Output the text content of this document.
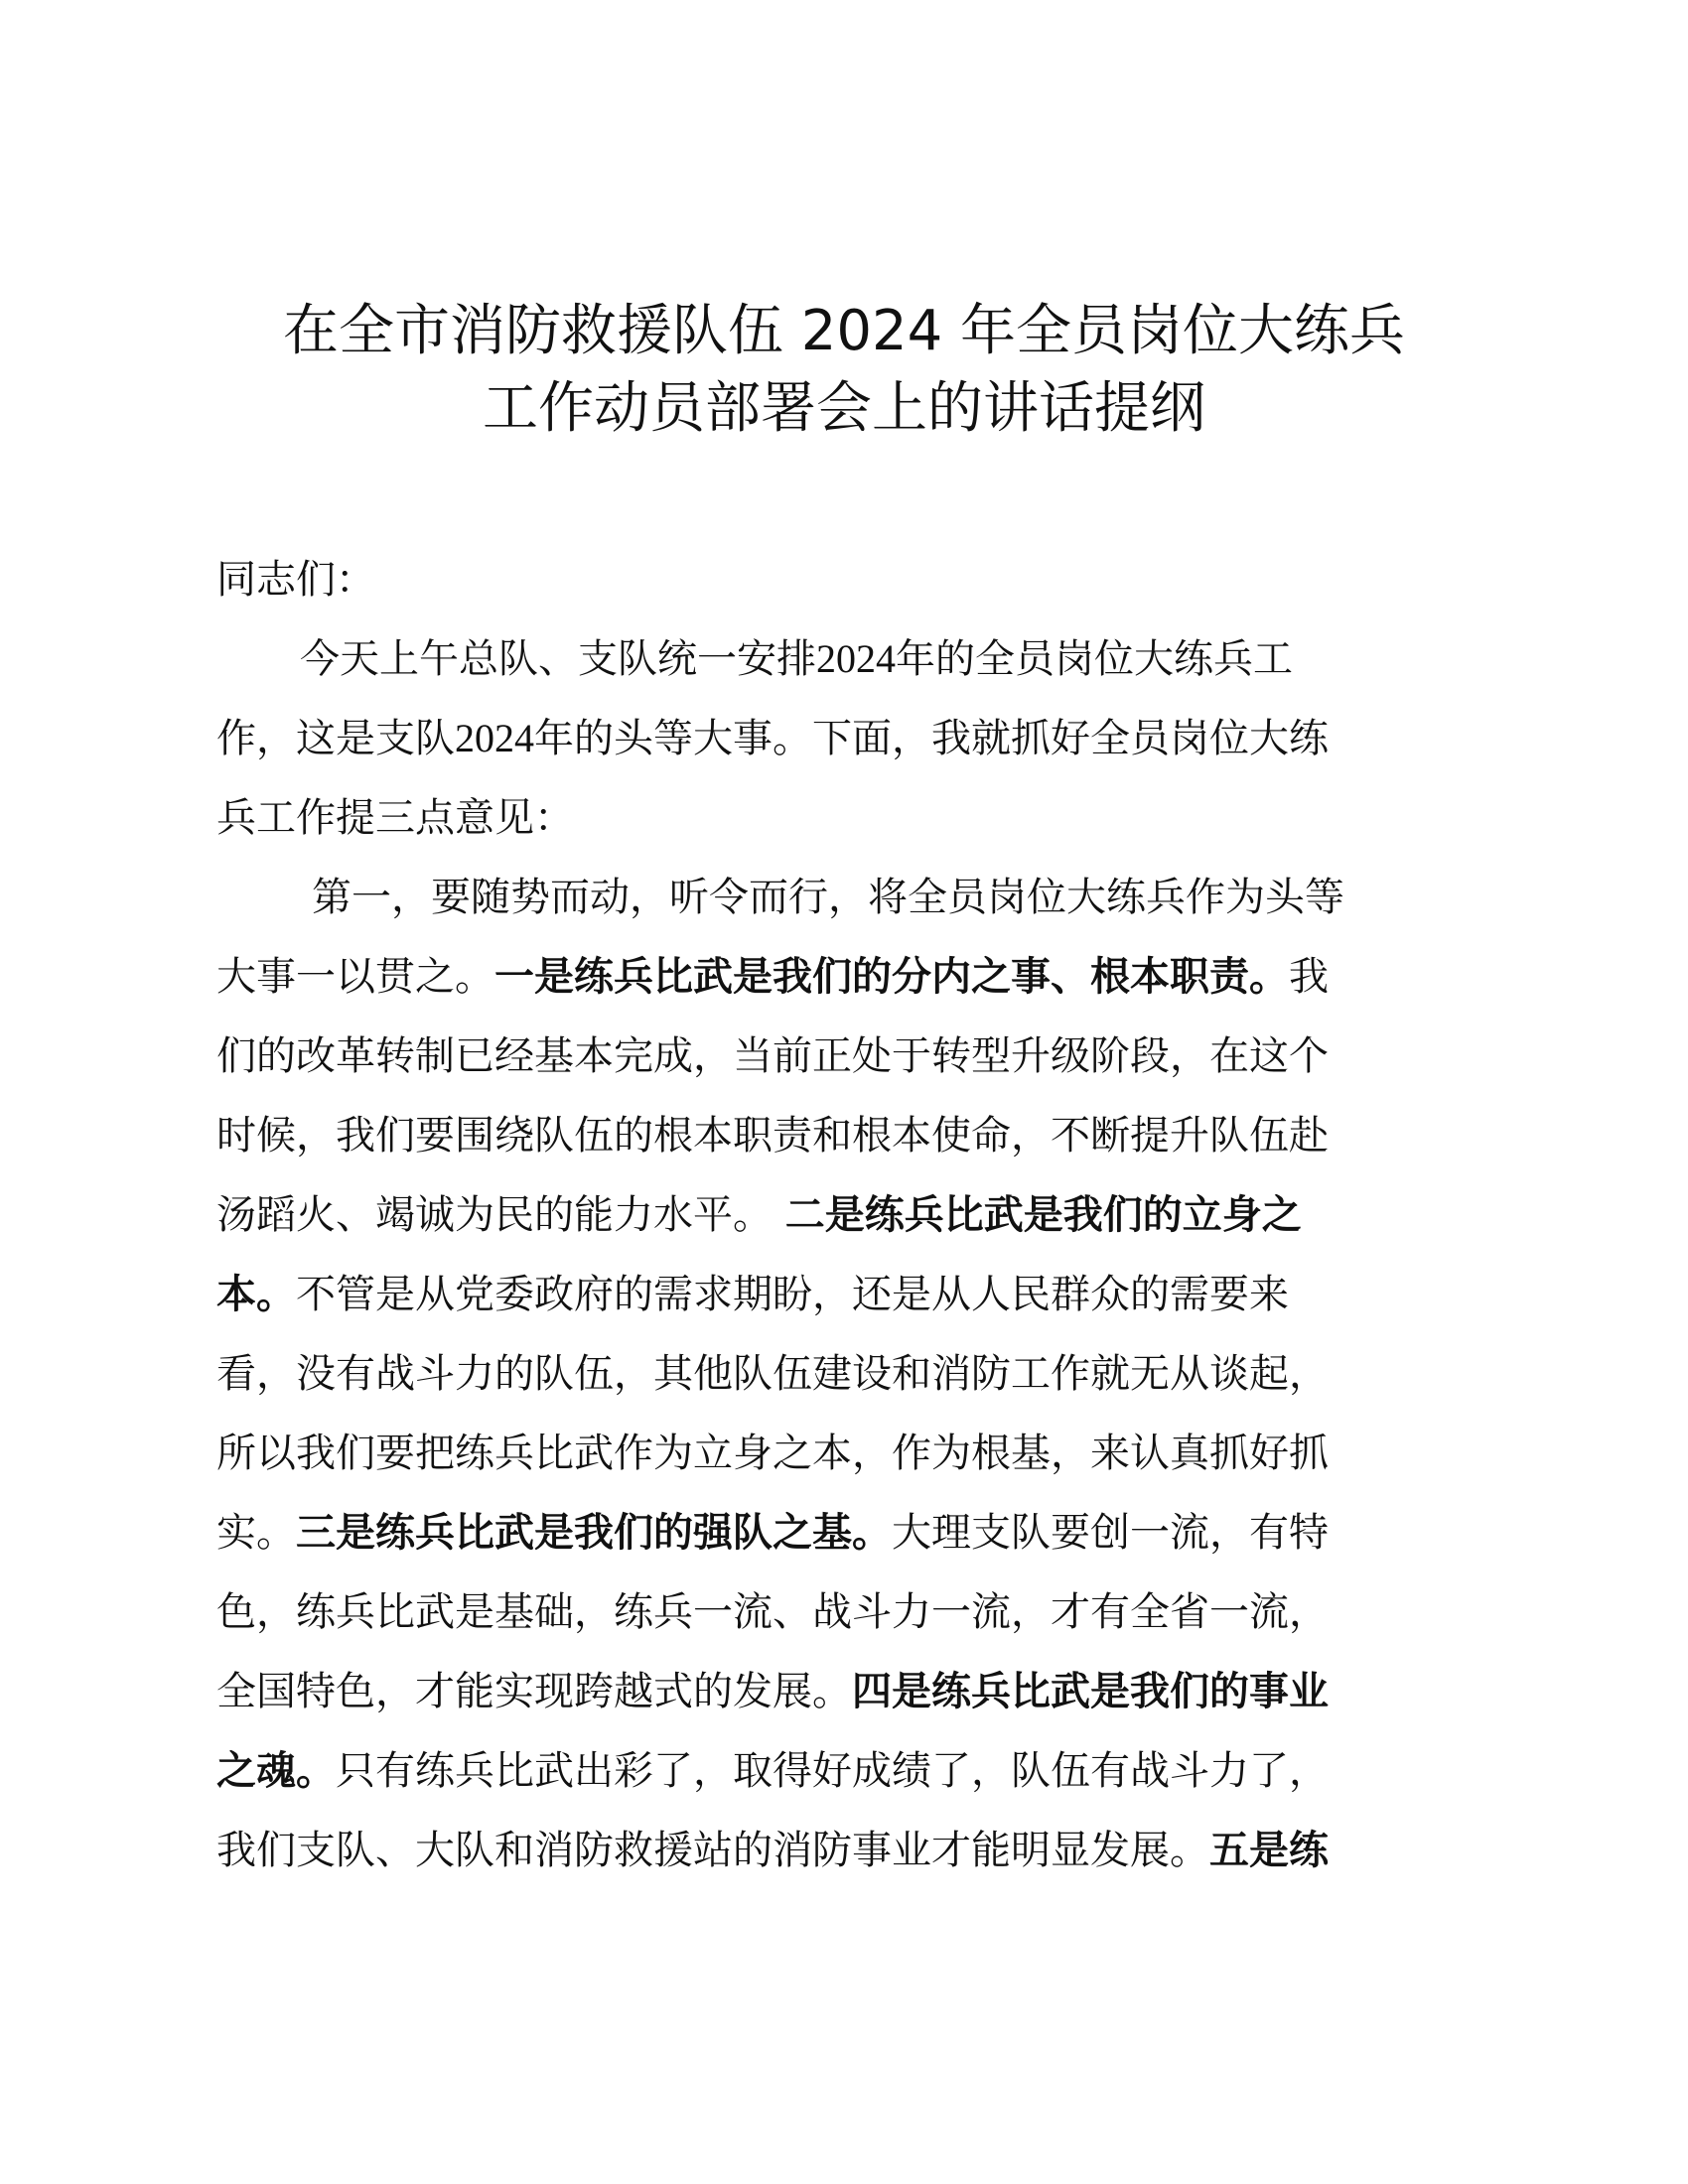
在全市消防救援队伍 2024 年全员岗位大练兵
工作动员部署会上的讲话提纲

同志们：

今天上午总队、支队统一安排2024年的全员岗位大练兵工
作，这是支队2024年的头等大事。下面，我就抓好全员岗位大练
兵工作提三点意见：

第一，要随势而动，听令而行，将全员岗位大练兵作为头等
大事一以贯之。一是练兵比武是我们的分内之事、根本职责。我
们的改革转制已经基本完成，当前正处于转型升级阶段，在这个
时候，我们要围绕队伍的根本职责和根本使命，不断提升队伍赴
汤蹈火、竭诚为民的能力水平。 二是练兵比武是我们的立身之
本。不管是从党委政府的需求期盼，还是从人民群众的需要来
看，没有战斗力的队伍，其他队伍建设和消防工作就无从谈起，
所以我们要把练兵比武作为立身之本，作为根基，来认真抓好抓
实。三是练兵比武是我们的强队之基。大理支队要创一流，有特
色，练兵比武是基础，练兵一流、战斗力一流，才有全省一流，
全国特色，才能实现跨越式的发展。四是练兵比武是我们的事业
之魂。只有练兵比武出彩了，取得好成绩了，队伍有战斗力了，
我们支队、大队和消防救援站的消防事业才能明显发展。五是练
